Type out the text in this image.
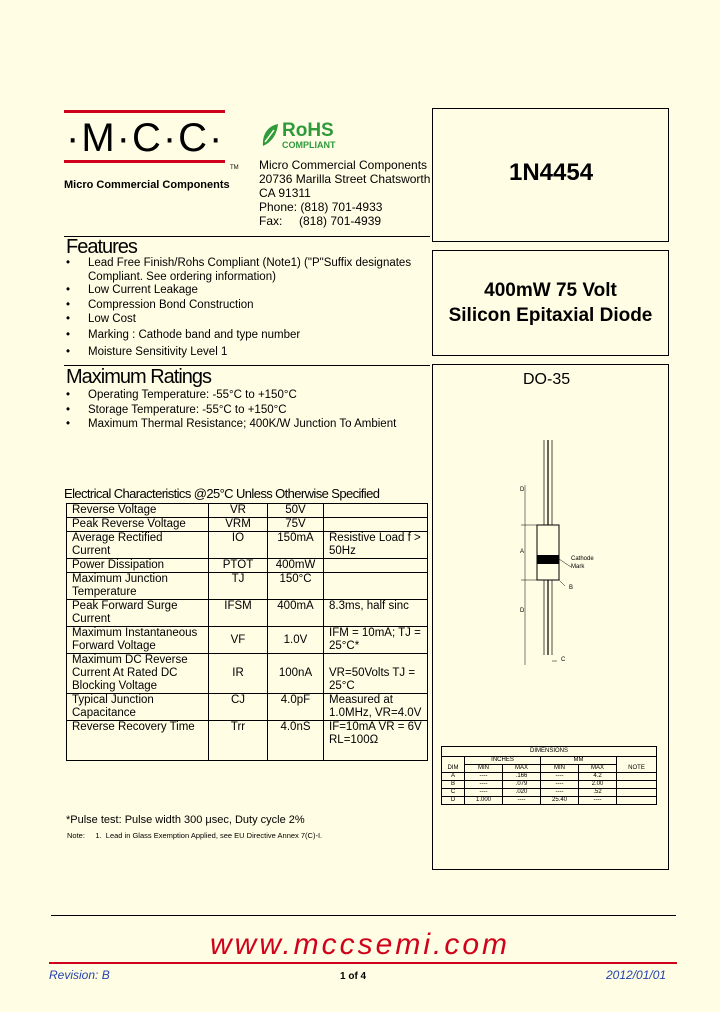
·M·C·C·
TM
Micro Commercial Components
RoHS
COMPLIANT
Micro Commercial Components
20736 Marilla Street Chatsworth
CA 91311
Phone: (818) 701-4933
Fax:     (818) 701-4939
1N4454
400mW 75 Volt
Silicon Epitaxial Diode
Features
• Lead Free Finish/Rohs Compliant (Note1) ("P"Suffix designates Compliant. See ordering information)
• Low Current Leakage
• Compression Bond Construction
• Low Cost
• Marking : Cathode band and type number
• Moisture Sensitivity Level 1
Maximum Ratings
• Operating Temperature: -55°C to +150°C
• Storage Temperature: -55°C to +150°C
• Maximum Thermal Resistance; 400K/W Junction To Ambient
Electrical Characteristics @25°C Unless Otherwise Specified
Reverse Voltage	VR	50V	
Peak Reverse Voltage	VRM	75V	
Average Rectified Current	IO	150mA	Resistive Load f > 50Hz
Power Dissipation	PTOT	400mW	
Maximum Junction Temperature	TJ	150°C	
Peak Forward Surge Current	IFSM	400mA	8.3ms, half sinc
Maximum Instantaneous Forward Voltage	VF	1.0V	IFM = 10mA; TJ = 25°C*
Maximum DC Reverse Current At Rated DC Blocking Voltage	IR	100nA	VR=50Volts TJ = 25°C
Typical Junction Capacitance	CJ	4.0pF	Measured at 1.0MHz, VR=4.0V
Reverse Recovery Time	Trr	4.0nS	IF=10mA VR = 6V RL=100Ω
*Pulse test: Pulse width 300 μsec, Duty cycle 2%
Note:     1.  Lead in Glass Exemption Applied, see EU Directive Annex 7(C)-I.
DO-35
D
A
B
D
C
Cathode Mark
DIMENSIONS					
DIM	INCHES		MM		NOTE
	MIN	MAX	MIN	MAX	
A	----	.166	----	4.2	
B	----	.079	----	2.00	
C	----	.020	----	.52	
D	1.000	----	25.40	----	
www.mccsemi.com
Revision: B	1 of 4	2012/01/01
